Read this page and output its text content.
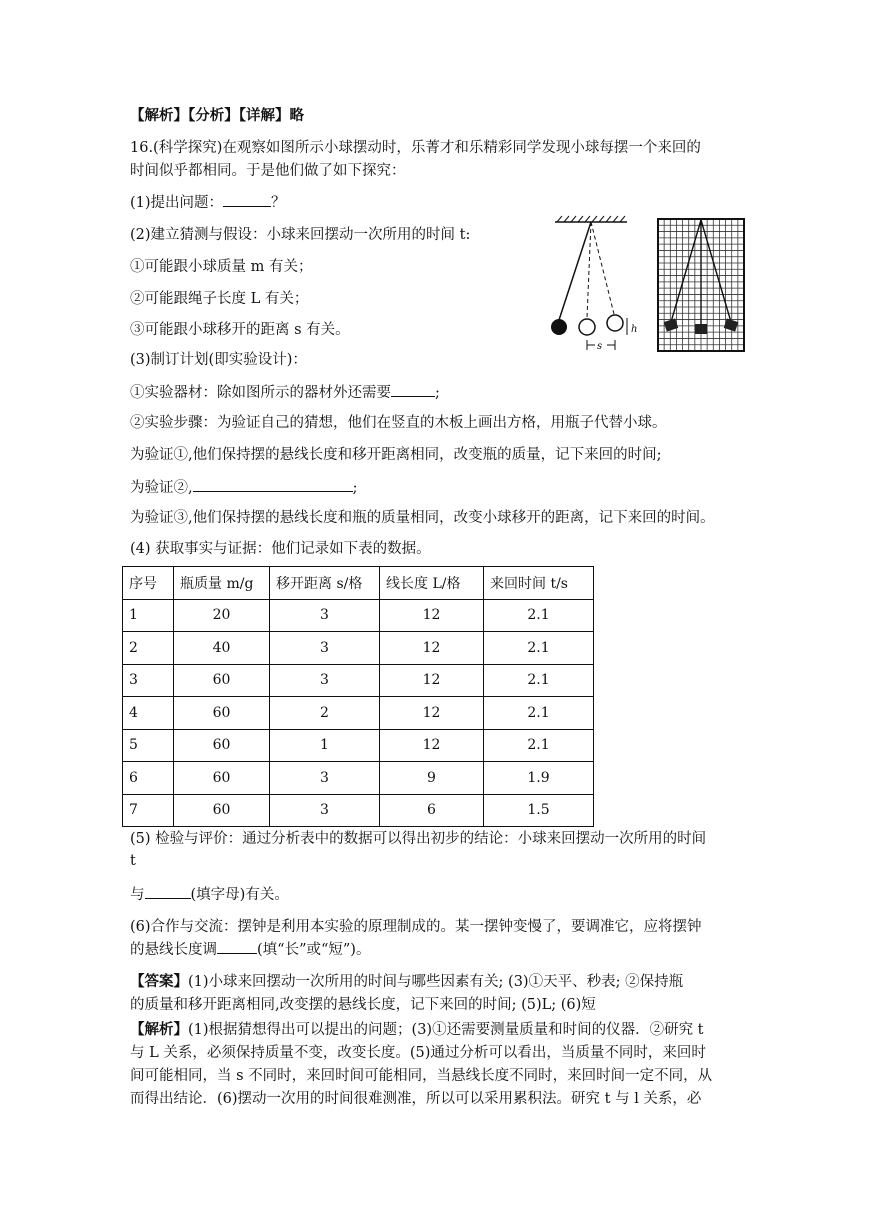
【解析】【分析】【详解】略
16.(科学探究)在观察如图所示小球摆动时，乐菁才和乐精彩同学发现小球每摆一个来回的
时间似乎都相同。于是他们做了如下探究：
(1)提出问题：	？
(2)建立猜测与假设：小球来回摆动一次所用的时间 t:
①可能跟小球质量 m 有关；
②可能跟绳子长度 L 有关；
③可能跟小球移开的距离 s 有关。
(3)制订计划(即实验设计)：
①实验器材：除如图所示的器材外还需要	;
②实验步骤：为验证自己的猜想，他们在竖直的木板上画出方格，用瓶子代替小球。
为验证①,他们保持摆的悬线长度和移开距离相同，改变瓶的质量，记下来回的时间;
为验证②,	;
为验证③,他们保持摆的悬线长度和瓶的质量相同，改变小球移开的距离，记下来回的时间。
(4) 获取事实与证据：他们记录如下表的数据。
h
s
序号	瓶质量 m/g	移开距离 s/格	线长度 L/格	来回时间 t/s
1	20	3	12	2.1
2	40	3	12	2.1
3	60	3	12	2.1
4	60	2	12	2.1
5	60	1	12	2.1
6	60	3	9	1.9
7	60	3	6	1.5
(5) 检验与评价：通过分析表中的数据可以得出初步的结论：小球来回摆动一次所用的时间
t
与	(填字母)有关。
(6)合作与交流：摆钟是利用本实验的原理制成的。某一摆钟变慢了，要调准它，应将摆钟
的悬线长度调	(填“长”或“短”)。
【答案】(1)小球来回摆动一次所用的时间与哪些因素有关; (3)①天平、秒表; ②保持瓶
的质量和移开距离相同,改变摆的悬线长度，记下来回的时间; (5)L; (6)短
【解析】(1)根据猜想得出可以提出的问题；(3)①还需要测量质量和时间的仪器．②研究 t
与 L 关系，必须保持质量不变，改变长度。(5)通过分析可以看出，当质量不同时，来回时
间可能相同，当 s 不同时，来回时间可能相同，当悬线长度不同时，来回时间一定不同，从
而得出结论．(6)摆动一次用的时间很难测准，所以可以采用累积法。研究 t 与 l 关系，必
